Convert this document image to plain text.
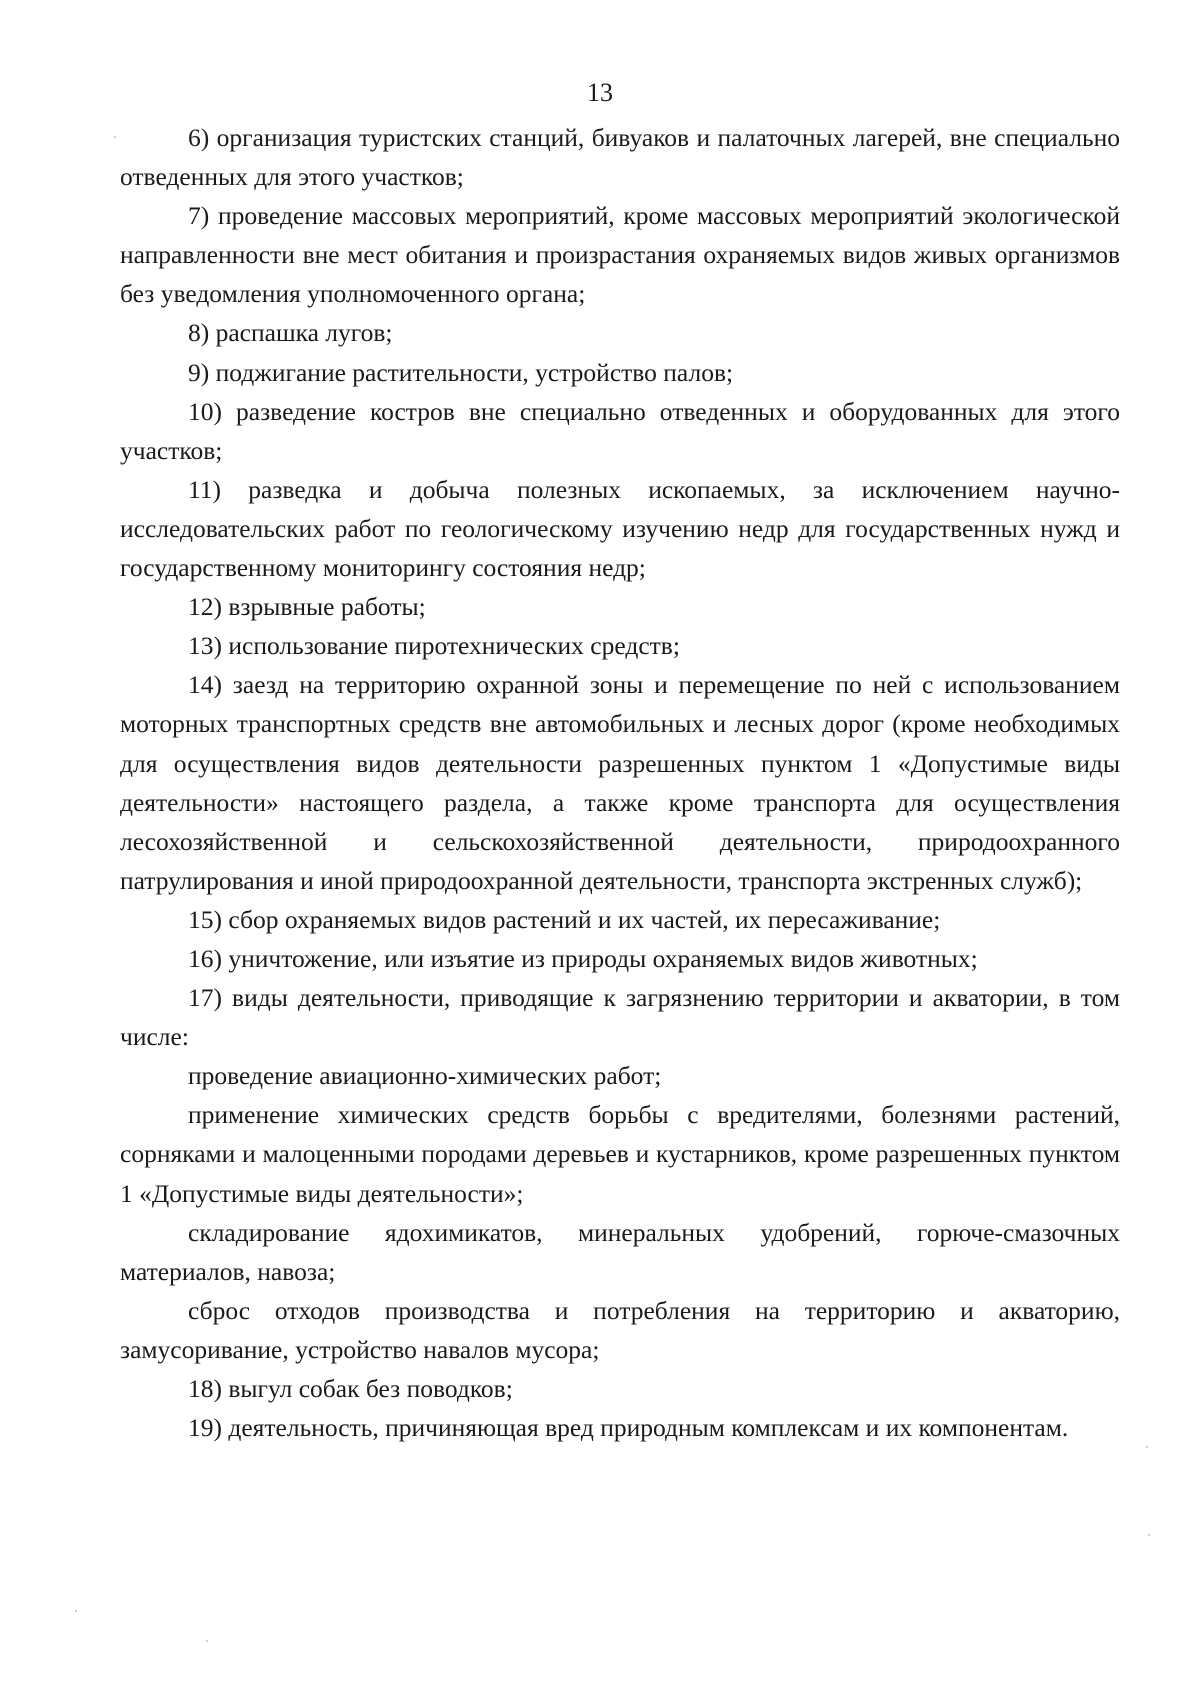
13

6) организация туристских станций, бивуаков и палаточных лагерей, вне специально отведенных для этого участков;

7) проведение массовых мероприятий, кроме массовых мероприятий экологической направленности вне мест обитания и произрастания охраняемых видов живых организмов без уведомления уполномоченного органа;

8) распашка лугов;

9) поджигание растительности, устройство палов;

10) разведение костров вне специально отведенных и оборудованных для этого участков;

11) разведка и добыча полезных ископаемых, за исключением научно-исследовательских работ по геологическому изучению недр для государственных нужд и государственному мониторингу состояния недр;

12) взрывные работы;

13) использование пиротехнических средств;

14) заезд на территорию охранной зоны и перемещение по ней с использованием моторных транспортных средств вне автомобильных и лесных дорог (кроме необходимых для осуществления видов деятельности разрешенных пунктом 1 «Допустимые виды деятельности» настоящего раздела, а также кроме транспорта для осуществления лесохозяйственной и сельскохозяйственной деятельности, природоохранного патрулирования и иной природоохранной деятельности, транспорта экстренных служб);

15) сбор охраняемых видов растений и их частей, их пересаживание;

16) уничтожение, или изъятие из природы охраняемых видов животных;

17) виды деятельности, приводящие к загрязнению территории и акватории, в том числе:

проведение авиационно-химических работ;

применение химических средств борьбы с вредителями, болезнями растений, сорняками и малоценными породами деревьев и кустарников, кроме разрешенных пунктом 1 «Допустимые виды деятельности»;

складирование ядохимикатов, минеральных удобрений, горюче-смазочных материалов, навоза;

сброс отходов производства и потребления на территорию и акваторию, замусоривание, устройство навалов мусора;

18) выгул собак без поводков;

19) деятельность, причиняющая вред природным комплексам и их компонентам.
